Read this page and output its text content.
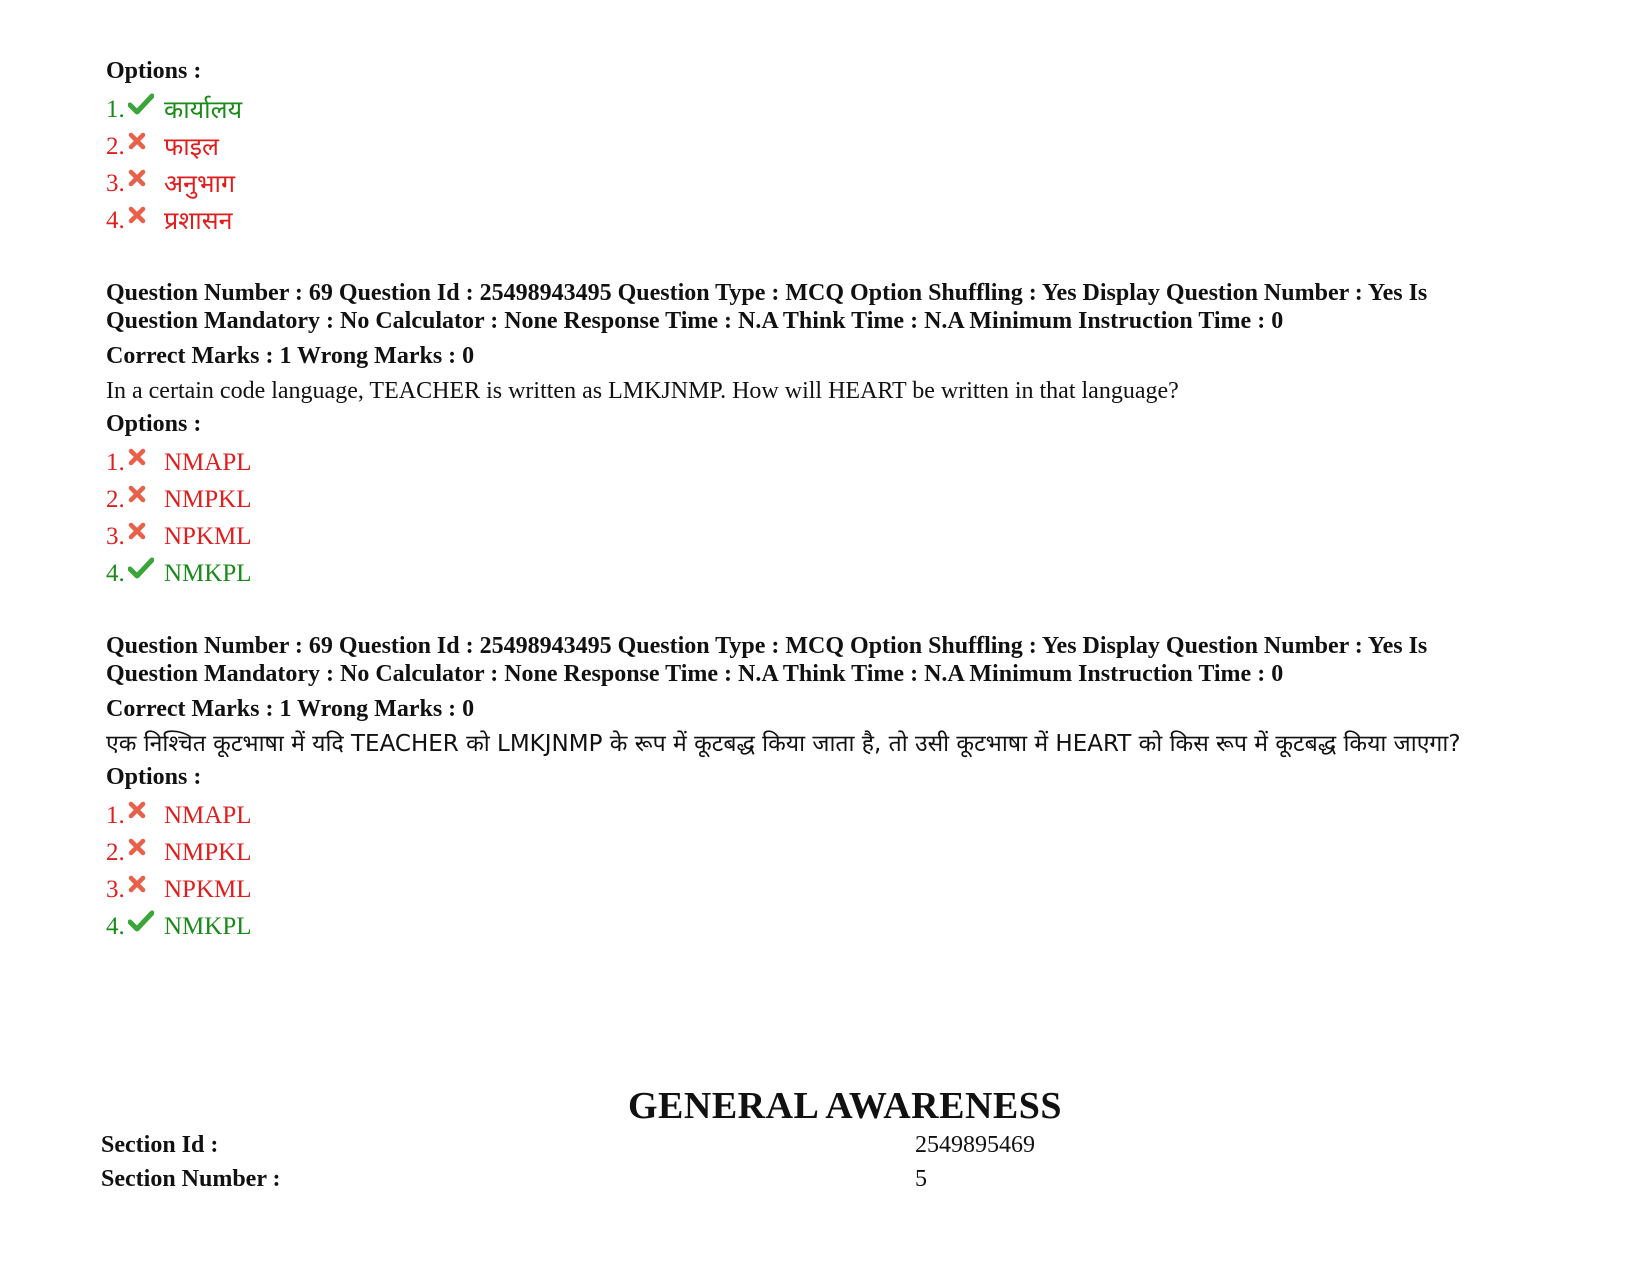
Options :
1. कार्यालय
2. फाइल
3. अनुभाग
4. प्रशासन

Question Number : 69 Question Id : 25498943495 Question Type : MCQ Option Shuffling : Yes Display Question Number : Yes Is

Question Mandatory : No Calculator : None Response Time : N.A Think Time : N.A Minimum Instruction Time : 0

Correct Marks : 1 Wrong Marks : 0
In a certain code language, TEACHER is written as LMKJNMP. How will HEART be written in that language?
Options :
1. NMAPL
2. NMPKL
3. NPKML
4. NMKPL

Question Number : 69 Question Id : 25498943495 Question Type : MCQ Option Shuffling : Yes Display Question Number : Yes Is

Question Mandatory : No Calculator : None Response Time : N.A Think Time : N.A Minimum Instruction Time : 0

Correct Marks : 1 Wrong Marks : 0
एक निश्चित कूटभाषा में यदि TEACHER को LMKJNMP के रूप में कूटबद्ध किया जाता है, तो उसी कूटभाषा में HEART को किस रूप में कूटबद्ध किया जाएगा?
Options :
1. NMAPL
2. NMPKL
3. NPKML
4. NMKPL
GENERAL AWARENESS
Section Id :	2549895469
Section Number :	5
